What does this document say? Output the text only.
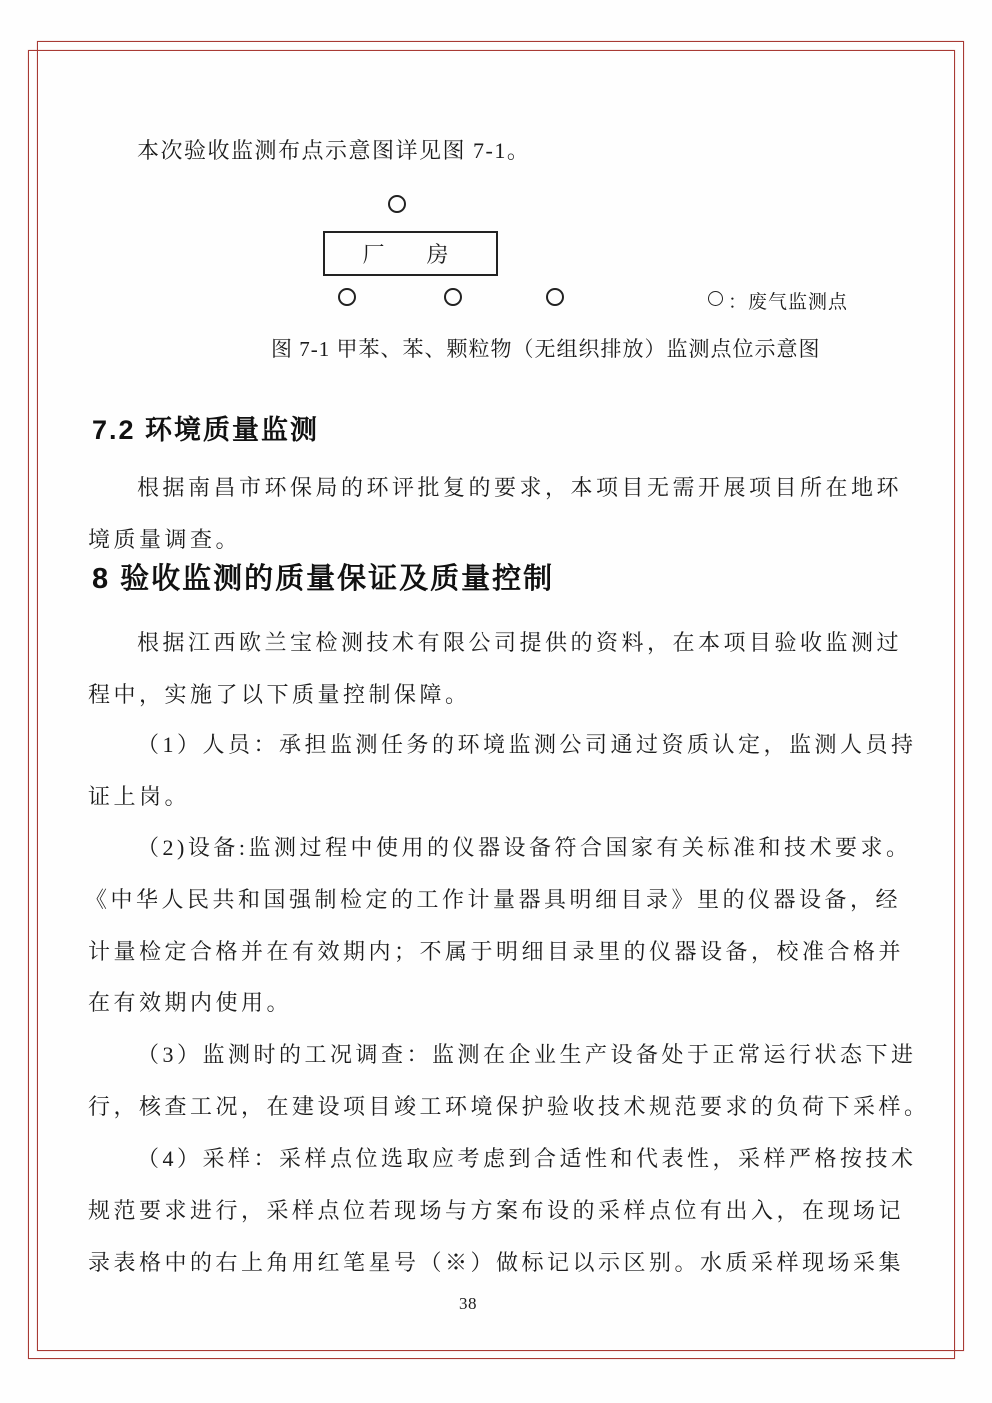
本次验收监测布点示意图详见图 7-1。
厂　房
：废气监测点
图 7-1 甲苯、苯、颗粒物（无组织排放）监测点位示意图
7.2 环境质量监测
根据南昌市环保局的环评批复的要求，本项目无需开展项目所在地环
境质量调查。
8 验收监测的质量保证及质量控制
根据江西欧兰宝检测技术有限公司提供的资料，在本项目验收监测过
程中，实施了以下质量控制保障。
（1）人员：承担监测任务的环境监测公司通过资质认定，监测人员持
证上岗。
（2)设备:监测过程中使用的仪器设备符合国家有关标准和技术要求。
《中华人民共和国强制检定的工作计量器具明细目录》里的仪器设备，经
计量检定合格并在有效期内；不属于明细目录里的仪器设备，校准合格并
在有效期内使用。
（3）监测时的工况调查：监测在企业生产设备处于正常运行状态下进
行，核查工况，在建设项目竣工环境保护验收技术规范要求的负荷下采样。
（4）采样：采样点位选取应考虑到合适性和代表性，采样严格按技术
规范要求进行，采样点位若现场与方案布设的采样点位有出入，在现场记
录表格中的右上角用红笔星号（※）做标记以示区别。水质采样现场采集
38
